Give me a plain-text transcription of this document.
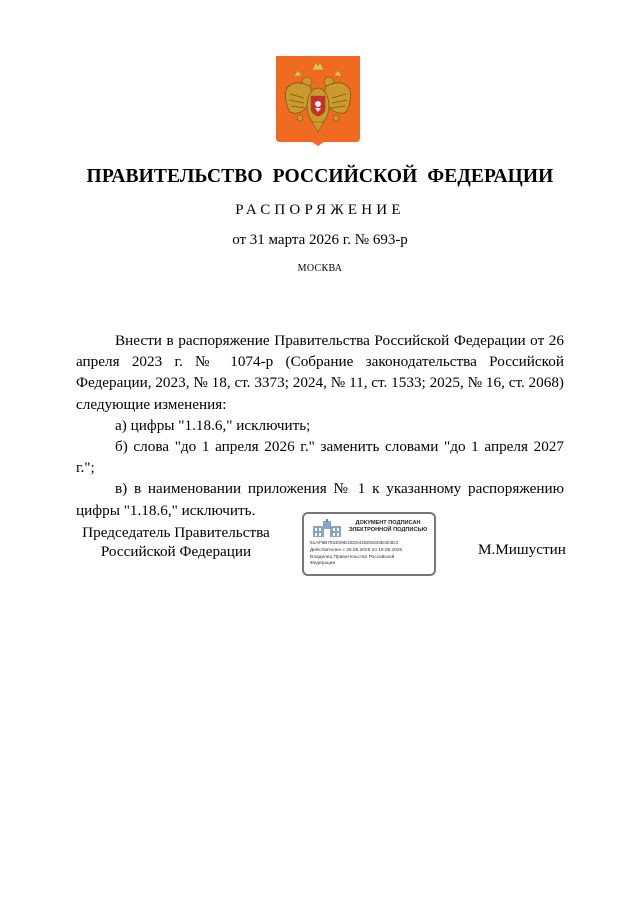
ПРАВИТЕЛЬСТВО РОССИЙСКОЙ ФЕДЕРАЦИИ
РАСПОРЯЖЕНИЕ
от 31 марта 2026 г. № 693-р
МОСКВА

Внести в распоряжение Правительства Российской Федерации от 26 апреля 2023 г. № 1074-р (Собрание законодательства Российской Федерации, 2023, № 18, ст. 3373; 2024, № 11, ст. 1533; 2025, № 16, ст. 2068) следующие изменения:

а) цифры "1.18.6," исключить;

б) слова "до 1 апреля 2026 г." заменить словами "до 1 апреля 2027 г.";

в) в наименовании приложения № 1 к указанному распоряжению цифры "1.18.6," исключить.

Председатель Правительства
Российской Федерации
ДОКУМЕНТ ПОДПИСАН
ЭЛЕКТРОННОЙ ПОДПИСЬЮ
51AF8B781E09E42D041EE5043E303E3
Действителен с 26.06.2025 по 19.09.2026
Владелец Правительство Российской
Федерации
М.Мишустин
